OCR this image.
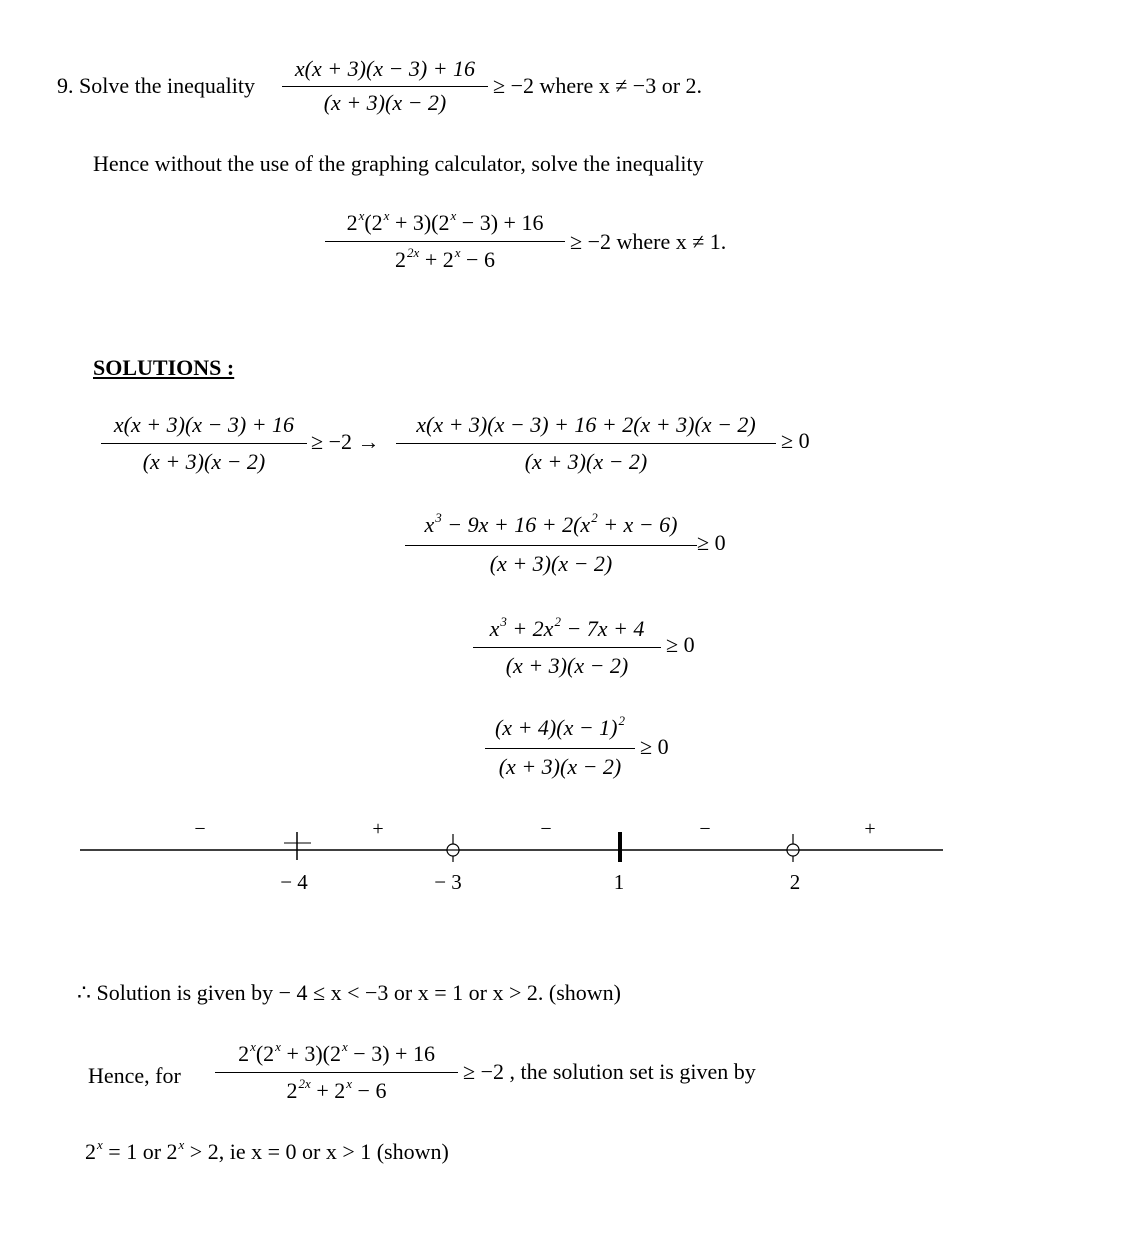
9. Solve the inequality
x(x + 3)(x − 3) + 16
(x + 3)(x − 2)
≥ −2 where x ≠ −3 or 2.
Hence without the use of the graphing calculator, solve the inequality
$2^x(2^x + 3)(2^x - 3) + 16$
$2^{2x} + 2^x - 6$
≥ −2 where x ≠ 1.
SOLUTIONS :
x(x + 3)(x − 3) + 16
(x + 3)(x − 2)
≥ −2 →
x(x + 3)(x − 3) + 16 + 2(x + 3)(x − 2)
(x + 3)(x − 2)
≥ 0
$x^3 - 9x + 16 + 2(x^2 + x - 6)$
(x + 3)(x − 2)
≥ 0
$x^3 + 2x^2 - 7x + 4$
(x + 3)(x − 2)
≥ 0
$(x + 4)(x - 1)^2$
(x + 3)(x − 2)
≥ 0
−	+	−	−	+
− 4	− 3	1	2
∴ Solution is given by − 4 ≤ x < −3 or x = 1 or x > 2. (shown)
Hence, for
$2^x(2^x + 3)(2^x - 3) + 16$
$2^{2x} + 2^x - 6$
≥ −2 , the solution set is given by
$2^x = 1$ or $2^x > 2$, ie x = 0 or x > 1 (shown)
